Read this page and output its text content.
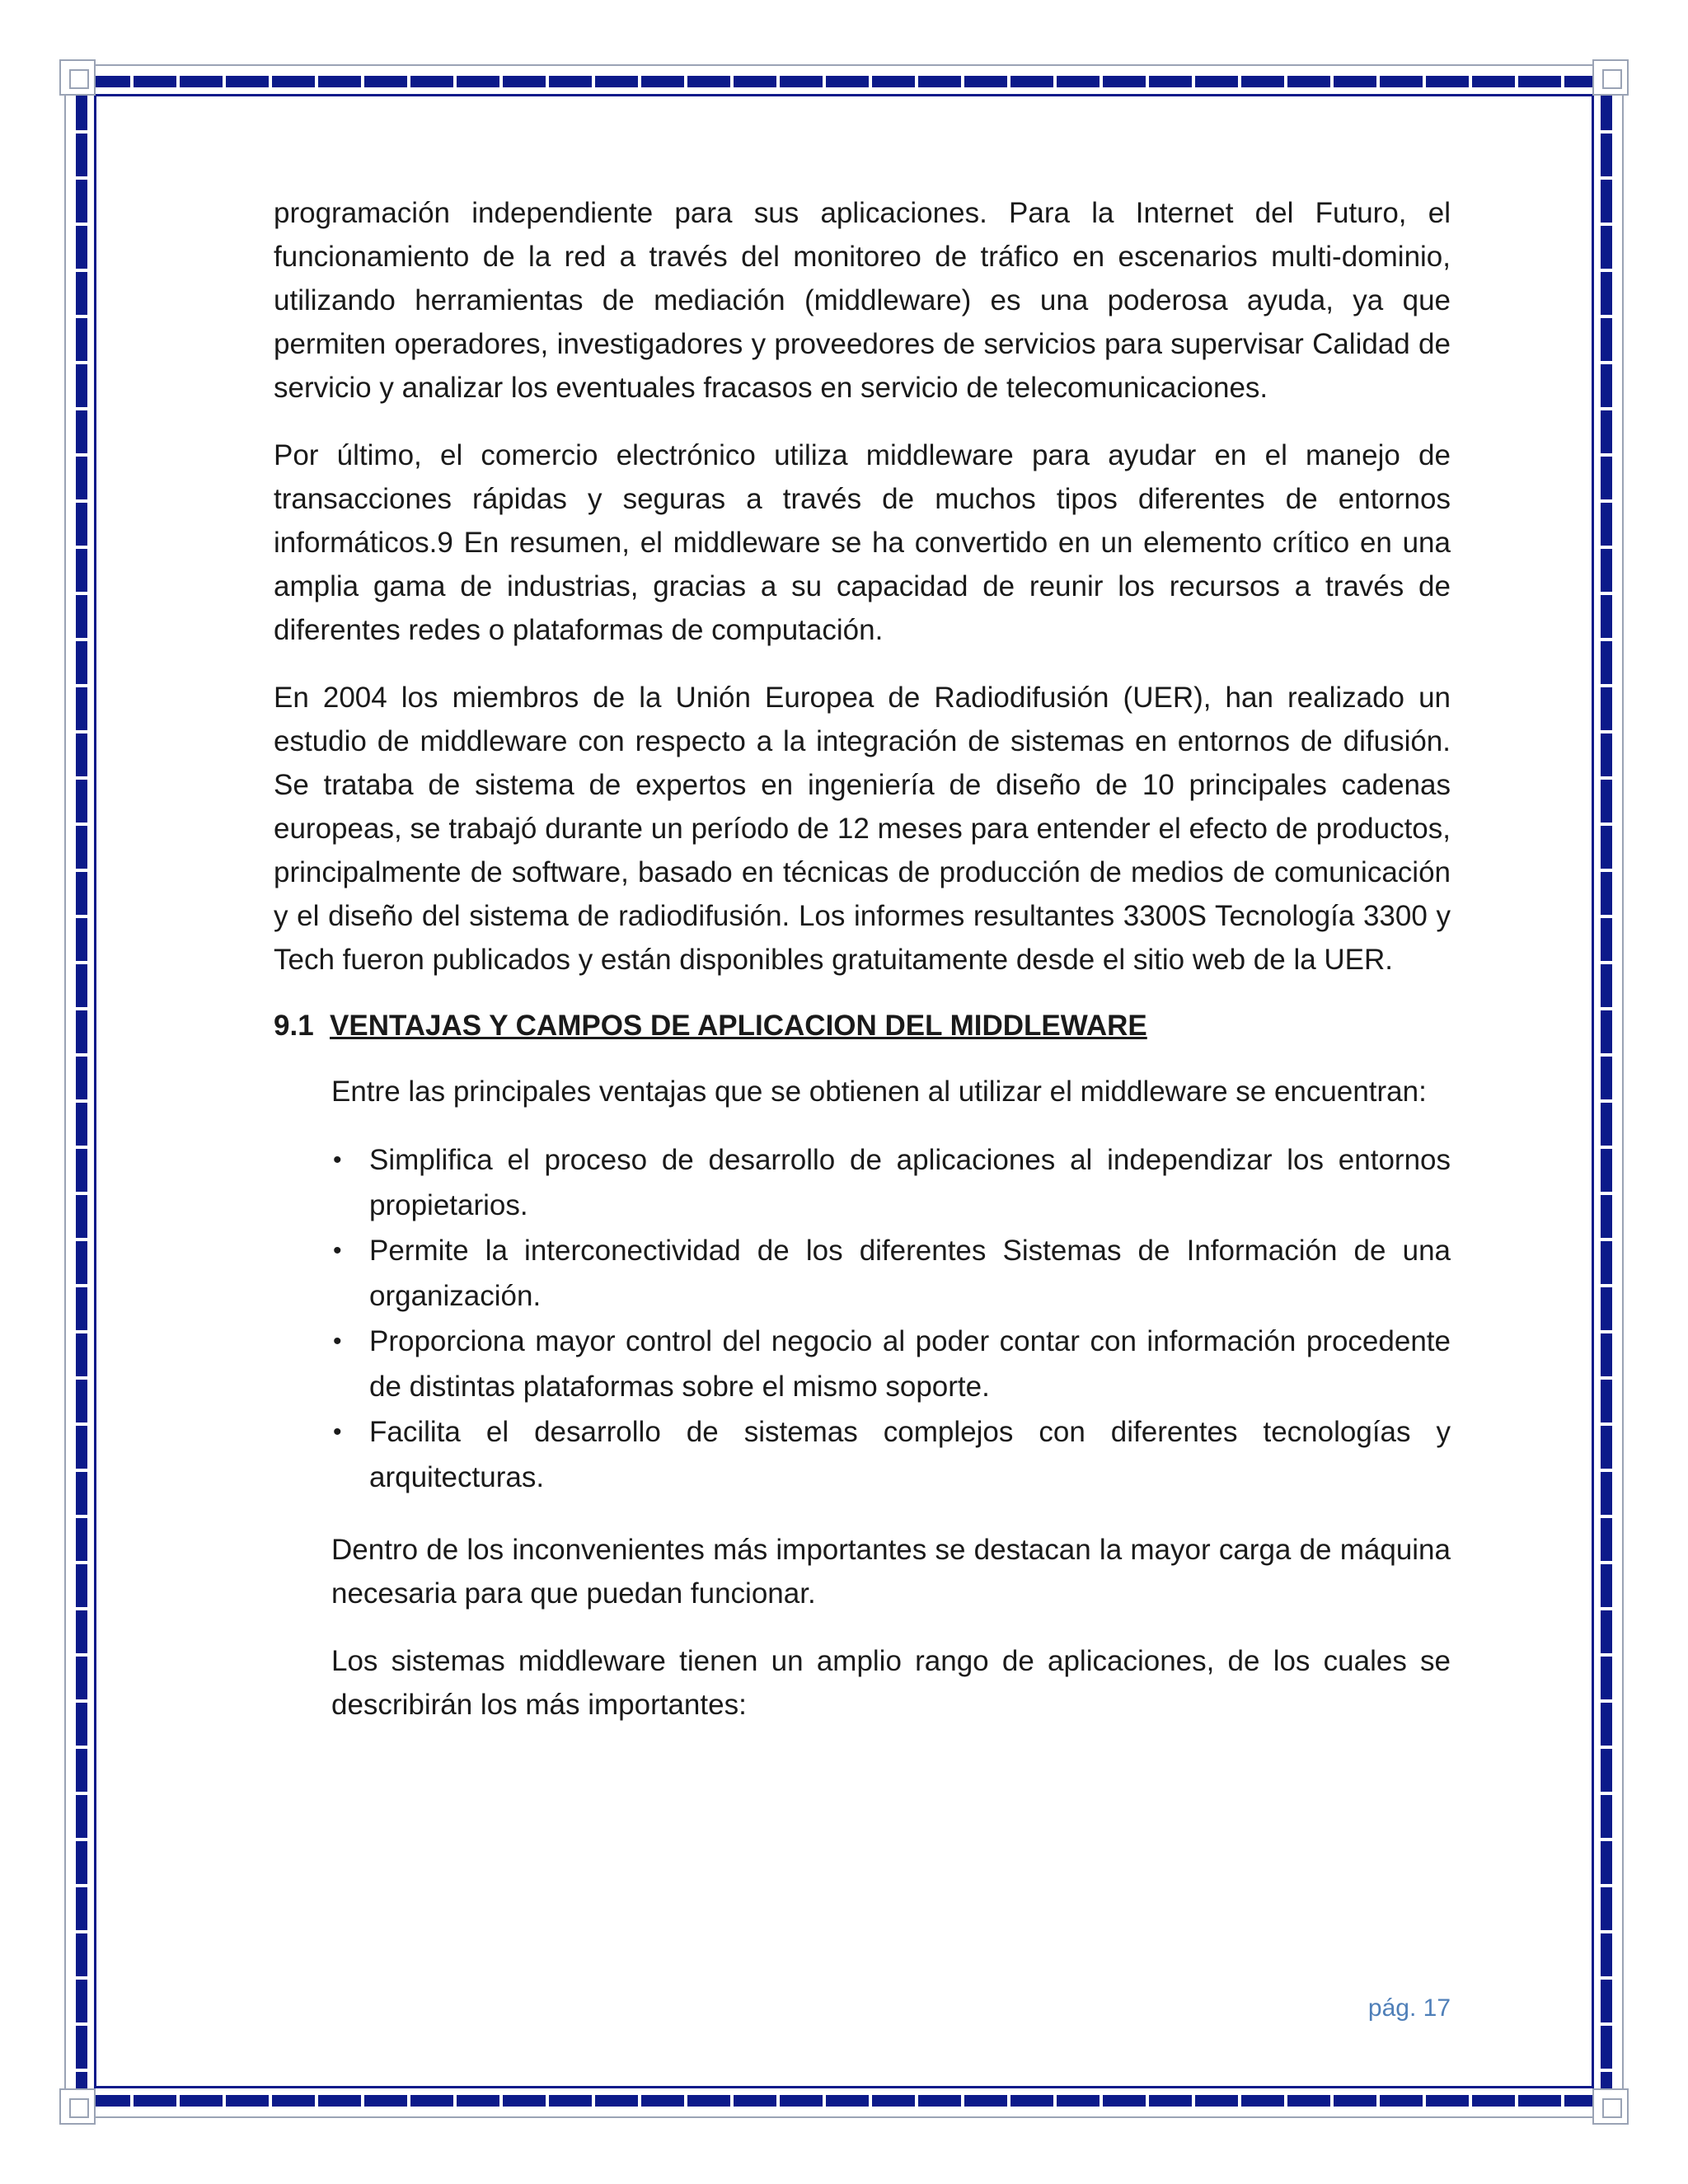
programación independiente para sus aplicaciones. Para la Internet del Futuro, el funcionamiento de la red a través del monitoreo de tráfico en escenarios multi-dominio, utilizando herramientas de mediación (middleware) es una poderosa ayuda, ya que permiten operadores, investigadores y proveedores de servicios para supervisar Calidad de servicio y analizar los eventuales fracasos en servicio de telecomunicaciones.

Por último, el comercio electrónico utiliza middleware para ayudar en el manejo de transacciones rápidas y seguras a través de muchos tipos diferentes de entornos informáticos.9 En resumen, el middleware se ha convertido en un elemento crítico en una amplia gama de industrias, gracias a su capacidad de reunir los recursos a través de diferentes redes o plataformas de computación.

En 2004 los miembros de la Unión Europea de Radiodifusión (UER), han realizado un estudio de middleware con respecto a la integración de sistemas en entornos de difusión. Se trataba de sistema de expertos en ingeniería de diseño de 10 principales cadenas europeas, se trabajó durante un período de 12 meses para entender el efecto de productos, principalmente de software, basado en técnicas de producción de medios de comunicación y el diseño del sistema de radiodifusión. Los informes resultantes 3300S Tecnología 3300 y Tech fueron publicados y están disponibles gratuitamente desde el sitio web de la UER.

9.1 VENTAJAS Y CAMPOS DE APLICACION DEL MIDDLEWARE

Entre las principales ventajas que se obtienen al utilizar el middleware se encuentran:

• Simplifica el proceso de desarrollo de aplicaciones al independizar los entornos propietarios.
• Permite la interconectividad de los diferentes Sistemas de Información de una organización.
• Proporciona mayor control del negocio al poder contar con información procedente de distintas plataformas sobre el mismo soporte.
• Facilita el desarrollo de sistemas complejos con diferentes tecnologías y arquitecturas.

Dentro de los inconvenientes más importantes se destacan la mayor carga de máquina necesaria para que puedan funcionar.

Los sistemas middleware tienen un amplio rango de aplicaciones, de los cuales se describirán los más importantes:

pág. 17
